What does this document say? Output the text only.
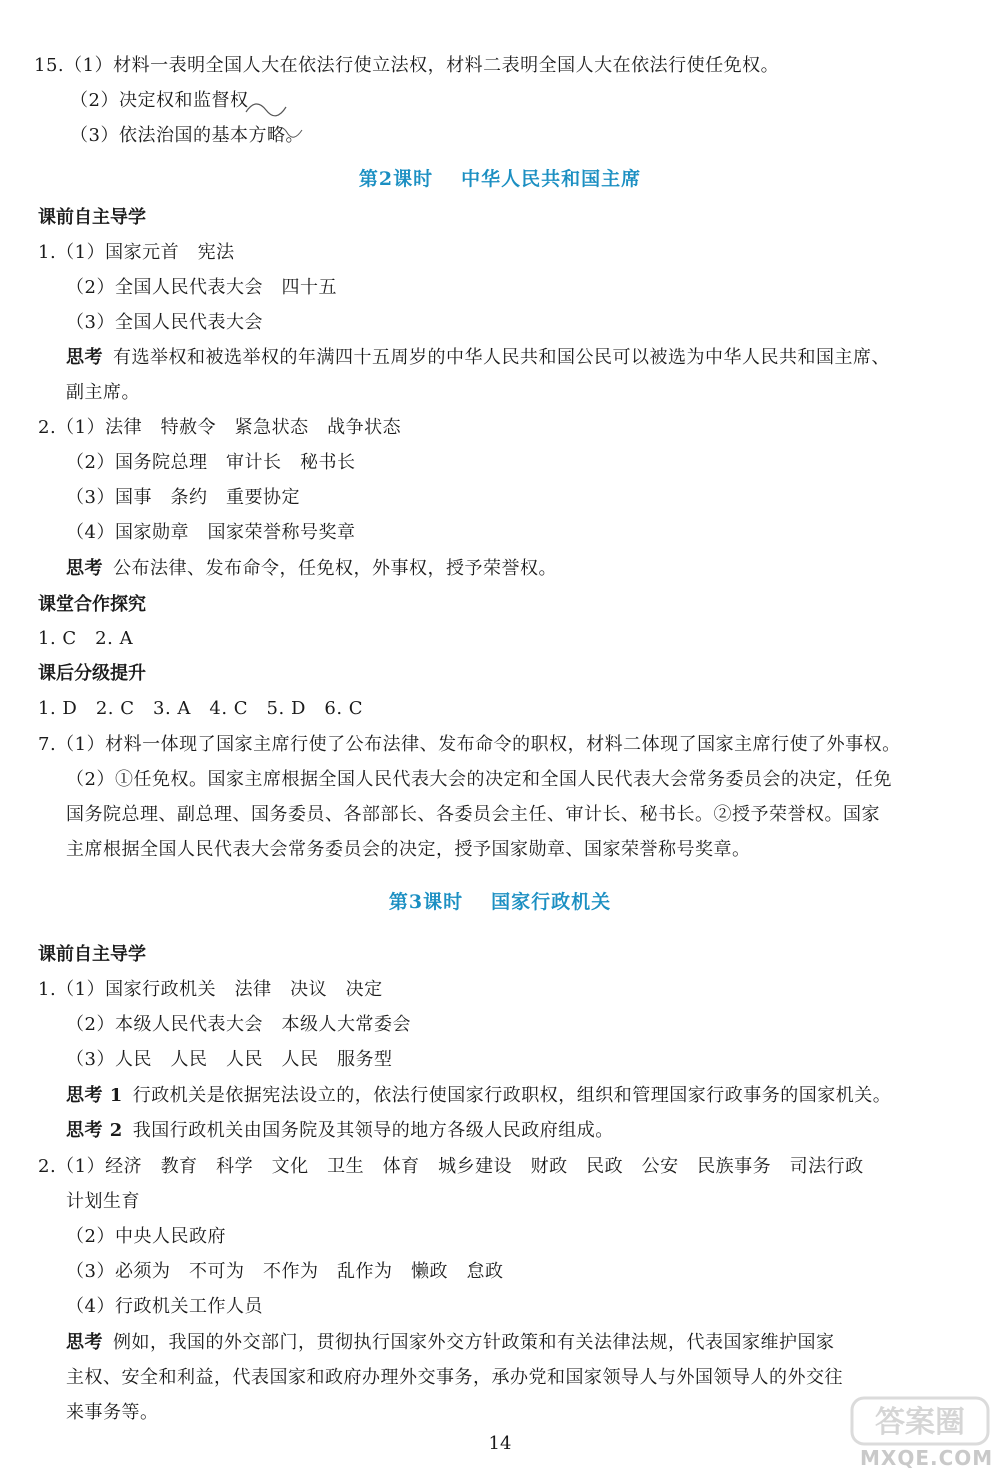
15.（1）材料一表明全国人大在依法行使立法权，材料二表明全国人大在依法行使任免权。
（2）决定权和监督权
（3）依法治国的基本方略。
第2课时 中华人民共和国主席
课前自主导学
1.（1）国家元首　宪法
（2）全国人民代表大会　四十五
（3）全国人民代表大会
思考 有选举权和被选举权的年满四十五周岁的中华人民共和国公民可以被选为中华人民共和国主席、
副主席。
2.（1）法律　特赦令　紧急状态　战争状态
（2）国务院总理　审计长　秘书长
（3）国事　条约　重要协定
（4）国家勋章　国家荣誉称号奖章
思考 公布法律、发布命令，任免权，外事权，授予荣誉权。
课堂合作探究
1. C　2. A
课后分级提升
1. D　2. C　3. A　4. C　5. D　6. C
7.（1）材料一体现了国家主席行使了公布法律、发布命令的职权，材料二体现了国家主席行使了外事权。
（2）①任免权。国家主席根据全国人民代表大会的决定和全国人民代表大会常务委员会的决定，任免
国务院总理、副总理、国务委员、各部部长、各委员会主任、审计长、秘书长。②授予荣誉权。国家
主席根据全国人民代表大会常务委员会的决定，授予国家勋章、国家荣誉称号奖章。
第3课时 国家行政机关
课前自主导学
1.（1）国家行政机关　法律　决议　决定
（2）本级人民代表大会　本级人大常委会
（3）人民　人民　人民　人民　服务型
思考 1 行政机关是依据宪法设立的，依法行使国家行政职权，组织和管理国家行政事务的国家机关。
思考 2 我国行政机关由国务院及其领导的地方各级人民政府组成。
2.（1）经济　教育　科学　文化　卫生　体育　城乡建设　财政　民政　公安　民族事务　司法行政
计划生育
（2）中央人民政府
（3）必须为　不可为　不作为　乱作为　懒政　怠政
（4）行政机关工作人员
思考 例如，我国的外交部门，贯彻执行国家外交方针政策和有关法律法规，代表国家维护国家
主权、安全和利益，代表国家和政府办理外交事务，承办党和国家领导人与外国领导人的外交往
来事务等。
14
答案圈
MXQE.COM
